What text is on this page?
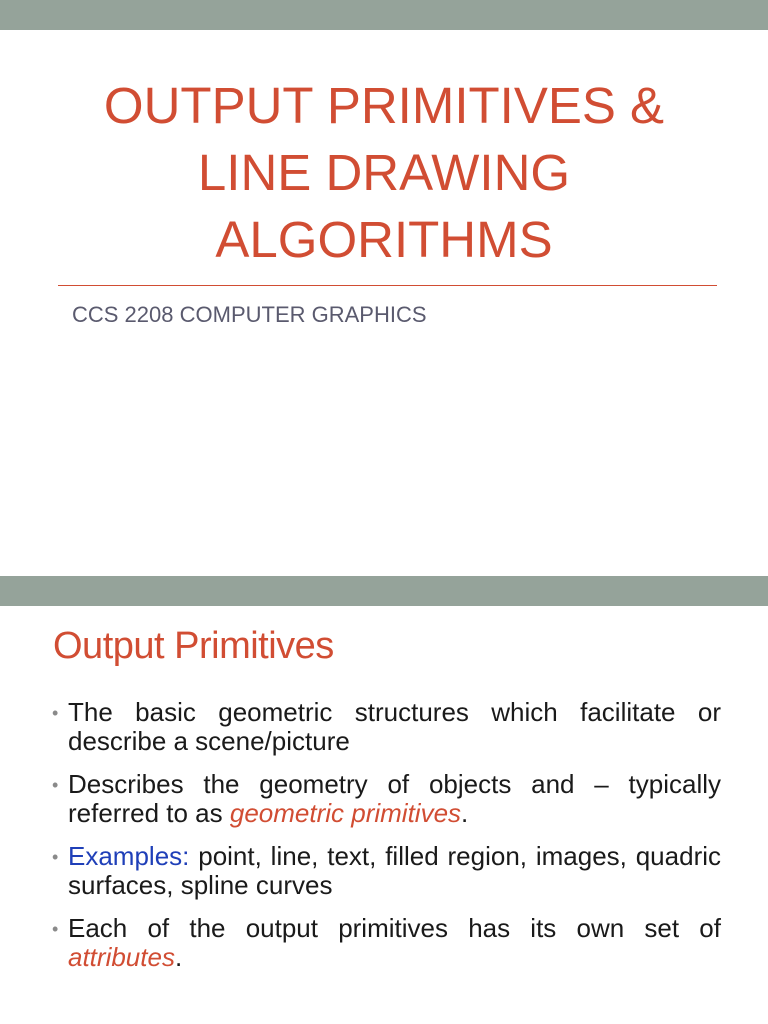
OUTPUT PRIMITIVES &
LINE DRAWING
ALGORITHMS

CCS 2208 COMPUTER GRAPHICS

Output Primitives
• The basic geometric structures which facilitate or describe a scene/picture
• Describes the geometry of objects and – typically referred to as geometric primitives.
• Examples: point, line, text, filled region, images, quadric surfaces, spline curves
• Each of the output primitives has its own set of attributes.
